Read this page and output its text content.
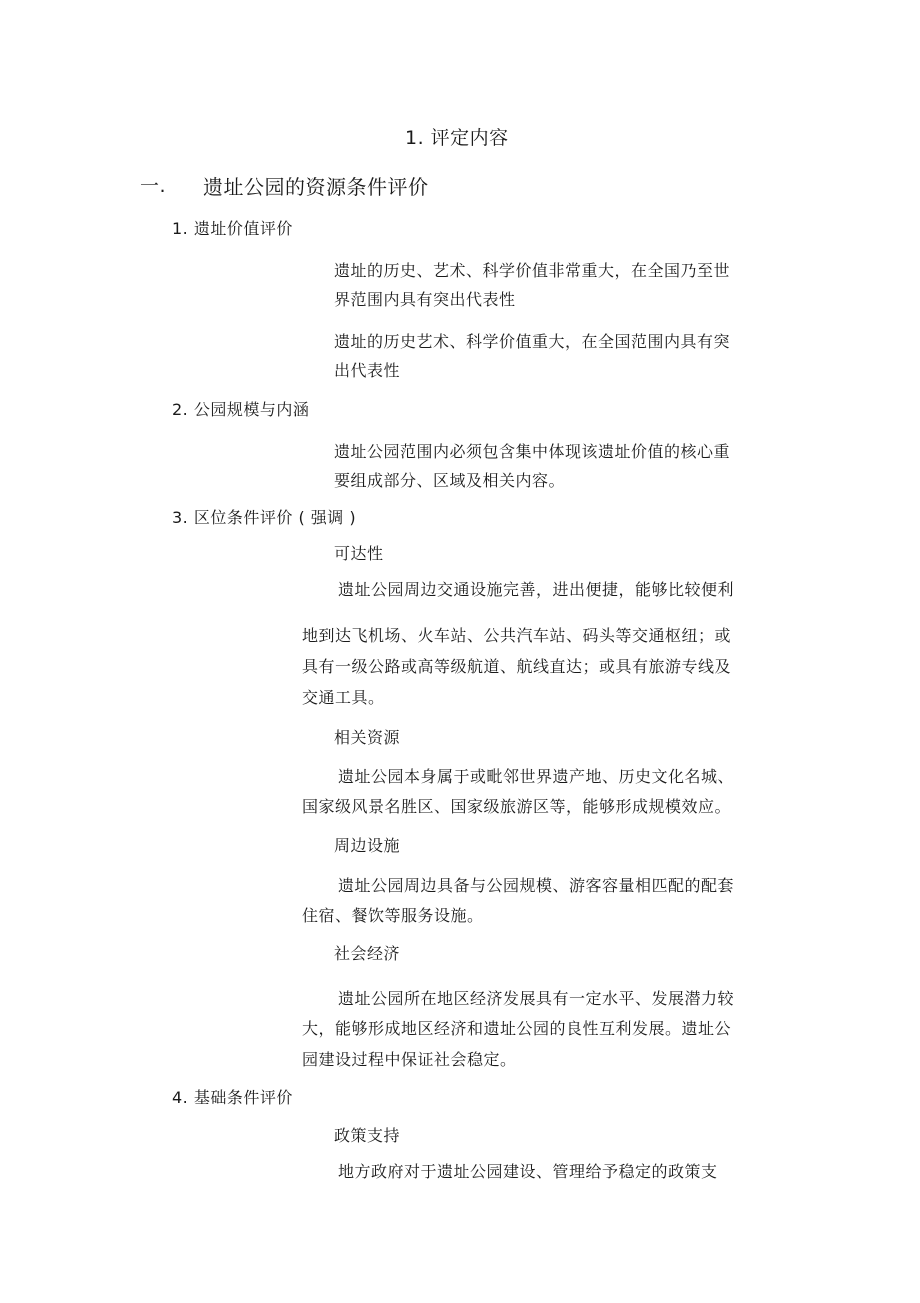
1. 评定内容
一. 遗址公园的资源条件评价
1. 遗址价值评价
遗址的历史、艺术、科学价值非常重大，在全国乃至世
界范围内具有突出代表性
遗址的历史艺术、科学价值重大，在全国范围内具有突
出代表性
2. 公园规模与内涵
遗址公园范围内必须包含集中体现该遗址价值的核心重
要组成部分、区域及相关内容。
3. 区位条件评价 ( 强调 )
可达性
遗址公园周边交通设施完善，进出便捷，能够比较便利
地到达飞机场、火车站、公共汽车站、码头等交通枢纽；或
具有一级公路或高等级航道、航线直达；或具有旅游专线及
交通工具。
相关资源
遗址公园本身属于或毗邻世界遗产地、历史文化名城、
国家级风景名胜区、国家级旅游区等，能够形成规模效应。
周边设施
遗址公园周边具备与公园规模、游客容量相匹配的配套
住宿、餐饮等服务设施。
社会经济
遗址公园所在地区经济发展具有一定水平、发展潜力较
大，能够形成地区经济和遗址公园的良性互利发展。遗址公
园建设过程中保证社会稳定。
4. 基础条件评价
政策支持
地方政府对于遗址公园建设、管理给予稳定的政策支
